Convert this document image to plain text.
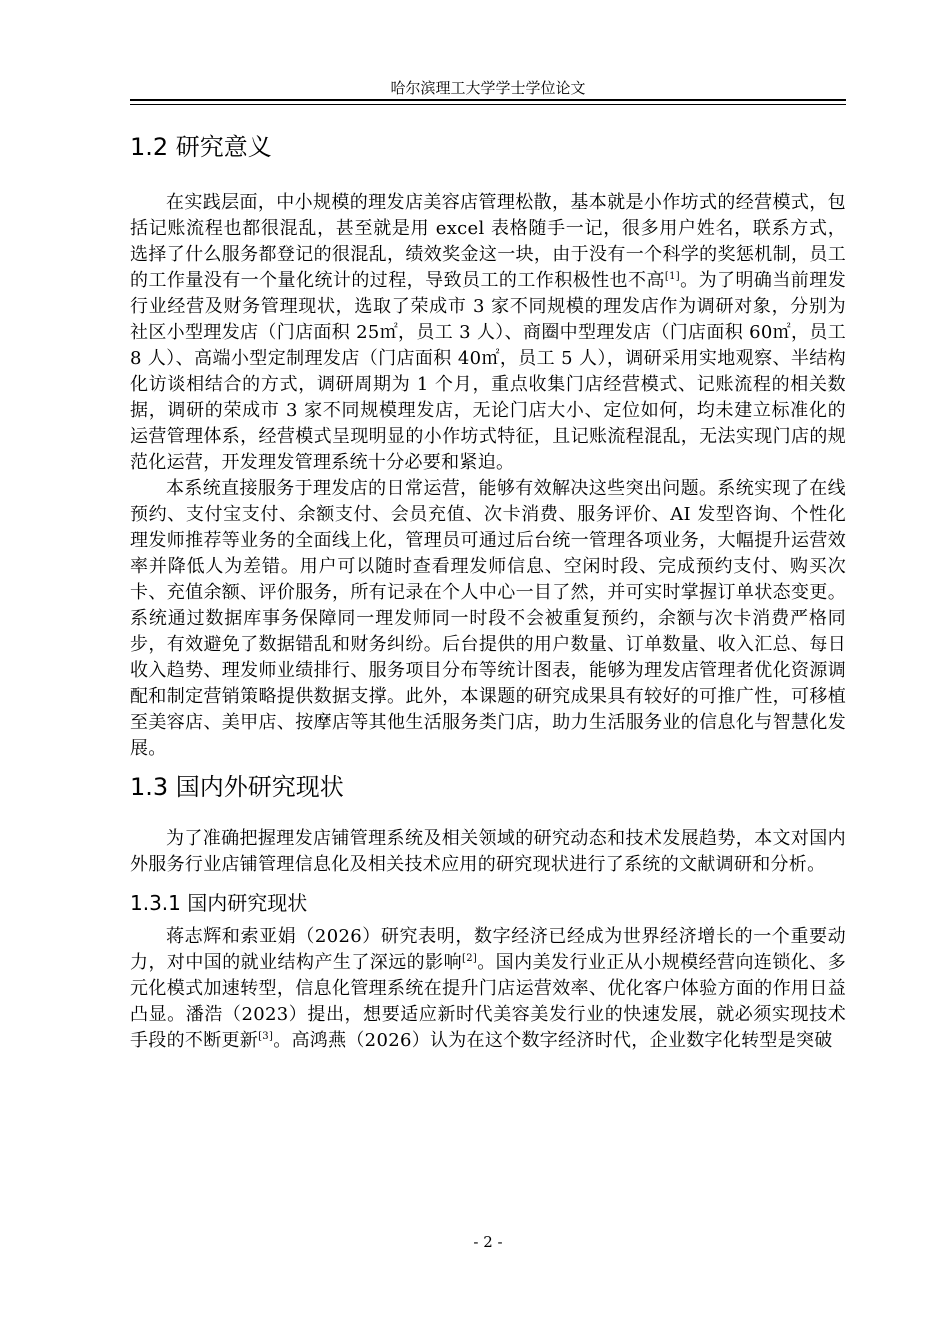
哈尔滨理工大学学士学位论文
1.2 研究意义

在实践层面，中小规模的理发店美容店管理松散，基本就是小作坊式的经营模式，包括记账流程也都很混乱，甚至就是用 excel 表格随手一记，很多用户姓名，联系方式，选择了什么服务都登记的很混乱，绩效奖金这一块，由于没有一个科学的奖惩机制，员工的工作量没有一个量化统计的过程，导致员工的工作积极性也不高[1]。为了明确当前理发行业经营及财务管理现状，选取了荣成市 3 家不同规模的理发店作为调研对象，分别为社区小型理发店（门店面积 25㎡，员工 3 人）、商圈中型理发店（门店面积 60㎡，员工 8 人）、高端小型定制理发店（门店面积 40㎡，员工 5 人），调研采用实地观察、半结构化访谈相结合的方式，调研周期为 1 个月，重点收集门店经营模式、记账流程的相关数据，调研的荣成市 3 家不同规模理发店，无论门店大小、定位如何，均未建立标准化的运营管理体系，经营模式呈现明显的小作坊式特征，且记账流程混乱，无法实现门店的规范化运营，开发理发管理系统十分必要和紧迫。

本系统直接服务于理发店的日常运营，能够有效解决这些突出问题。系统实现了在线预约、支付宝支付、余额支付、会员充值、次卡消费、服务评价、AI 发型咨询、个性化理发师推荐等业务的全面线上化，管理员可通过后台统一管理各项业务，大幅提升运营效率并降低人为差错。用户可以随时查看理发师信息、空闲时段、完成预约支付、购买次卡、充值余额、评价服务，所有记录在个人中心一目了然，并可实时掌握订单状态变更。系统通过数据库事务保障同一理发师同一时段不会被重复预约，余额与次卡消费严格同步，有效避免了数据错乱和财务纠纷。后台提供的用户数量、订单数量、收入汇总、每日收入趋势、理发师业绩排行、服务项目分布等统计图表，能够为理发店管理者优化资源调配和制定营销策略提供数据支撑。此外，本课题的研究成果具有较好的可推广性，可移植至美容店、美甲店、按摩店等其他生活服务类门店，助力生活服务业的信息化与智慧化发展。

1.3 国内外研究现状

为了准确把握理发店铺管理系统及相关领域的研究动态和技术发展趋势，本文对国内外服务行业店铺管理信息化及相关技术应用的研究现状进行了系统的文献调研和分析。

1.3.1 国内研究现状

蒋志辉和索亚娟（2026）研究表明，数字经济已经成为世界经济增长的一个重要动力，对中国的就业结构产生了深远的影响[2]。国内美发行业正从小规模经营向连锁化、多元化模式加速转型，信息化管理系统在提升门店运营效率、优化客户体验方面的作用日益凸显。潘浩（2023）提出，想要适应新时代美容美发行业的快速发展，就必须实现技术手段的不断更新[3]。高鸿燕（2026）认为在这个数字经济时代，企业数字化转型是突破

- 2 -
